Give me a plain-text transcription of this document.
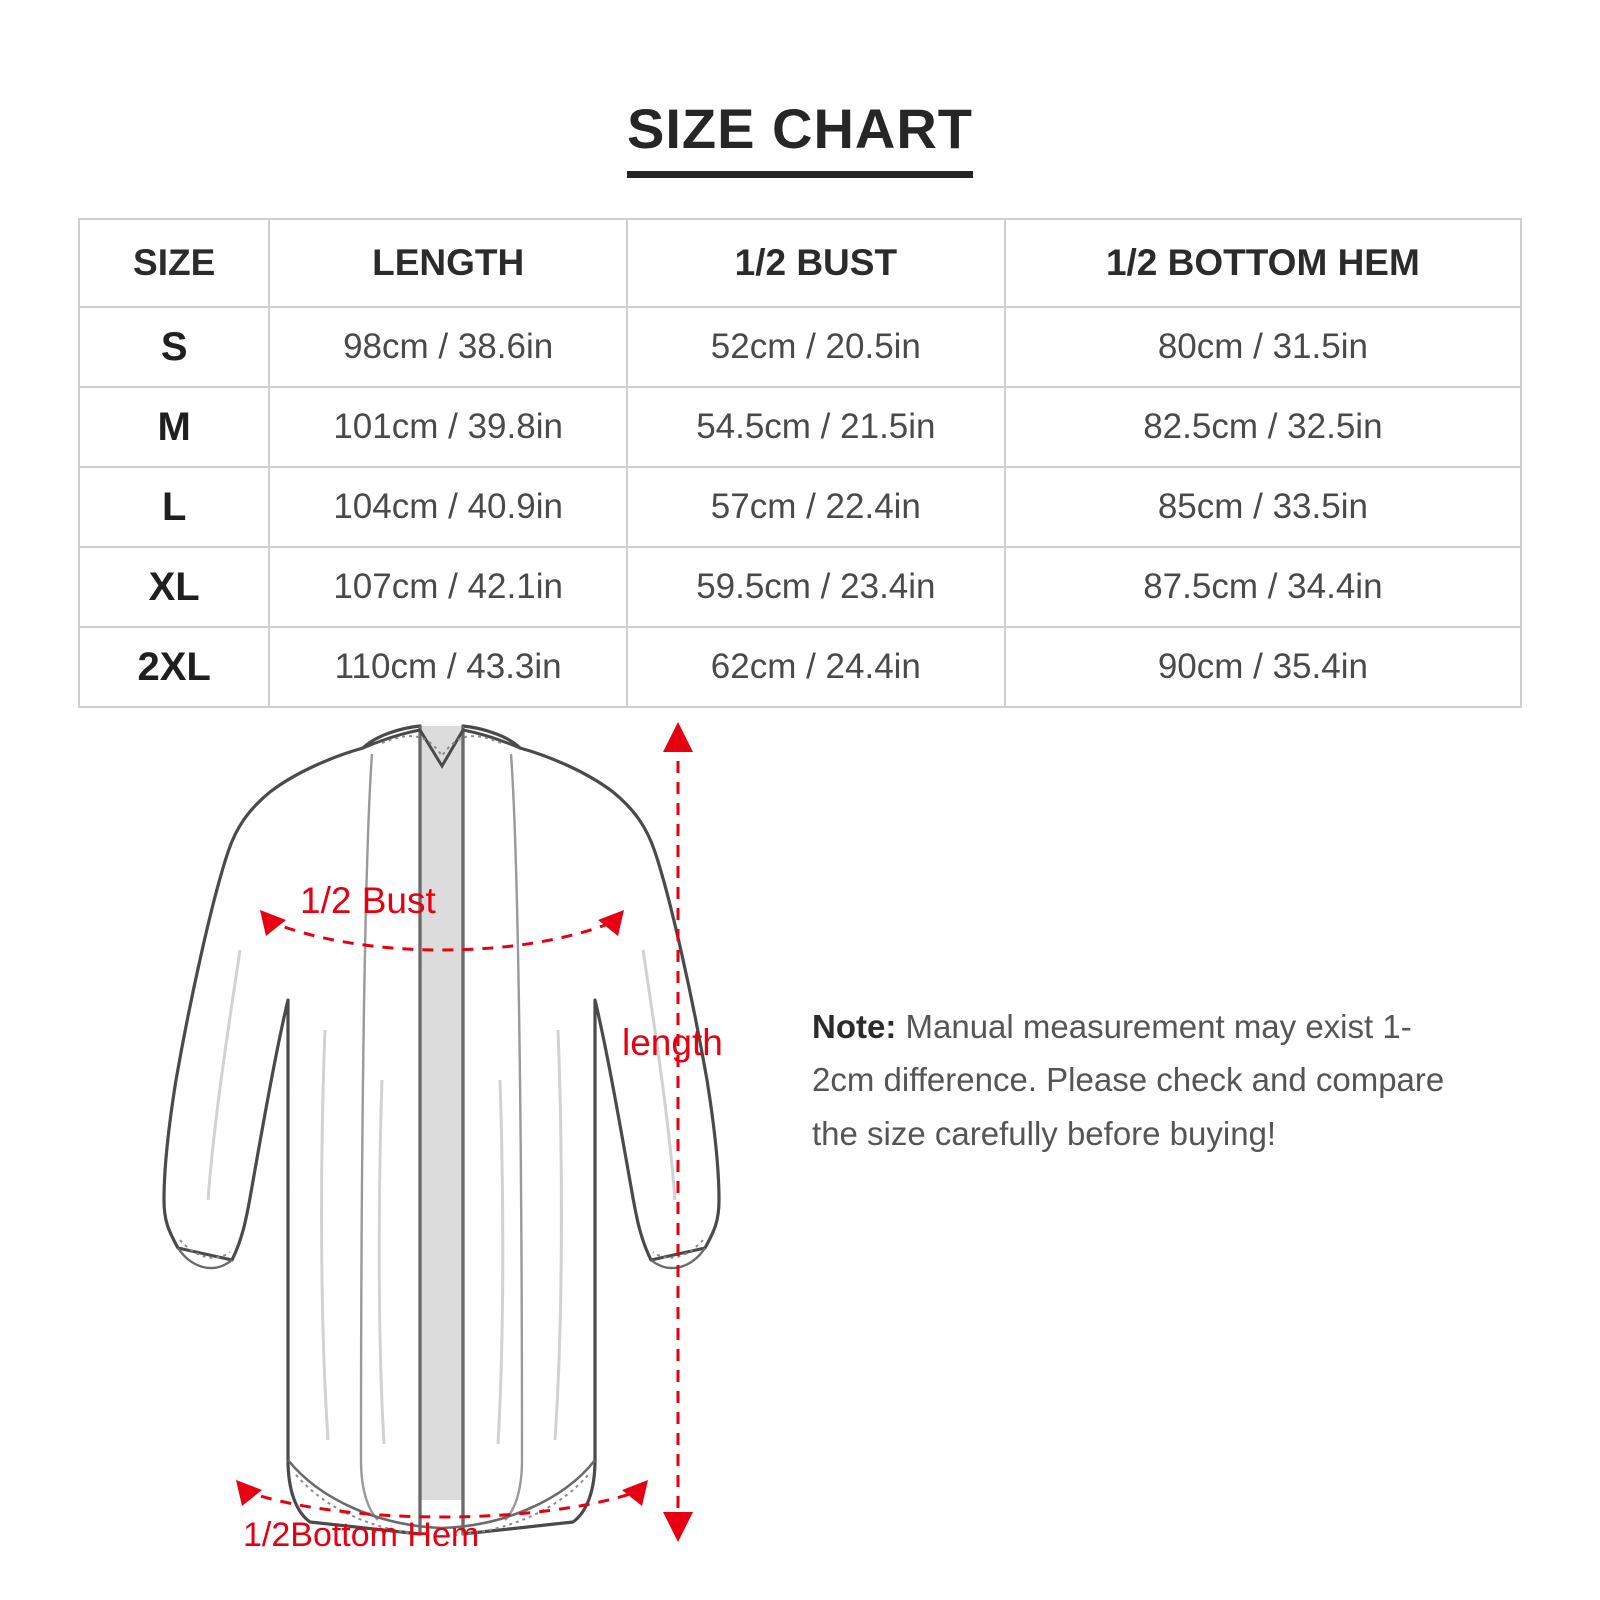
SIZE CHART
SIZE	LENGTH	1/2 BUST	1/2 BOTTOM HEM
S	98cm / 38.6in	52cm / 20.5in	80cm / 31.5in
M	101cm / 39.8in	54.5cm / 21.5in	82.5cm / 32.5in
L	104cm / 40.9in	57cm / 22.4in	85cm / 33.5in
XL	107cm / 42.1in	59.5cm / 23.4in	87.5cm / 34.4in
2XL	110cm / 43.3in	62cm / 24.4in	90cm / 35.4in
1/2 Bust
length
1/2Bottom Hem
Note: Manual measurement may exist 1-2cm difference. Please check and compare the size carefully before buying!
